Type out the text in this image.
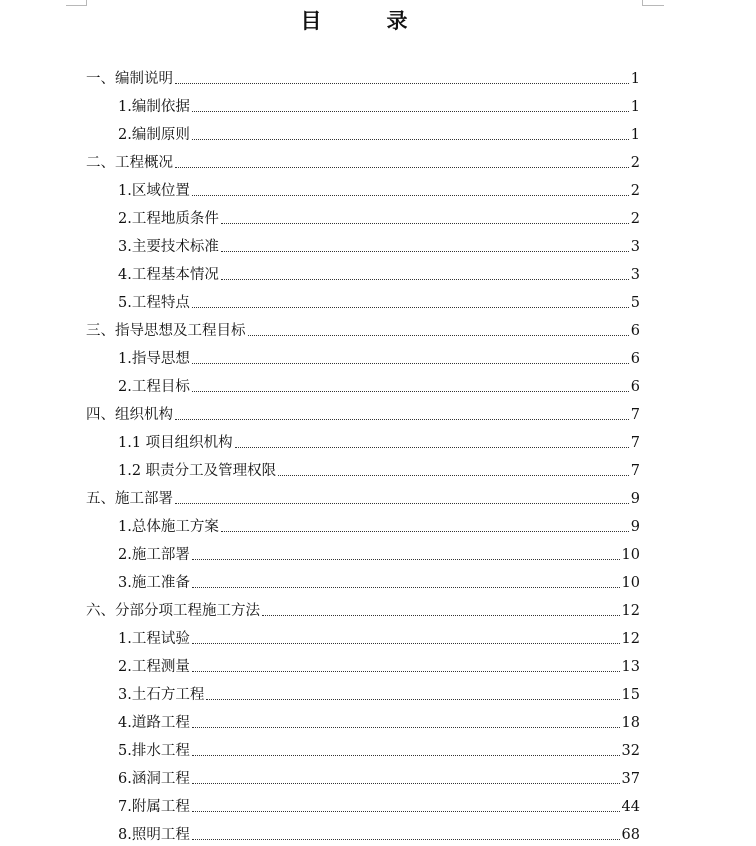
目　录
一、编制说明	1
1.编制依据	1
2.编制原则	1
二、工程概况	2
1.区域位置	2
2.工程地质条件	2
3.主要技术标准	3
4.工程基本情况	3
5.工程特点	5
三、指导思想及工程目标	6
1.指导思想	6
2.工程目标	6
四、组织机构	7
1.1 项目组织机构	7
1.2 职责分工及管理权限	7
五、施工部署	9
1.总体施工方案	9
2.施工部署	10
3.施工准备	10
六、分部分项工程施工方法	12
1.工程试验	12
2.工程测量	13
3.土石方工程	15
4.道路工程	18
5.排水工程	32
6.涵洞工程	37
7.附属工程	44
8.照明工程	68
